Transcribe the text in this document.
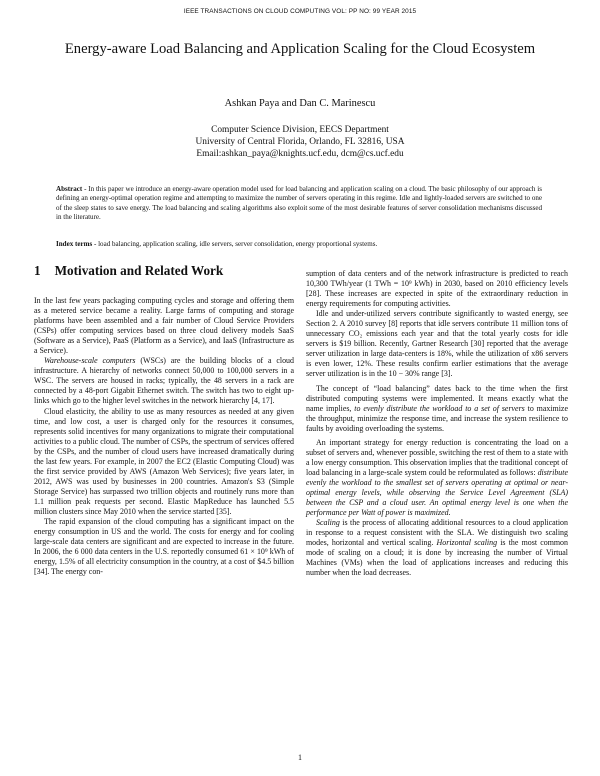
IEEE TRANSACTIONS ON CLOUD COMPUTING VOL: PP NO: 99 YEAR 2015
Energy-aware Load Balancing and Application Scaling for the Cloud Ecosystem
Ashkan Paya and Dan C. Marinescu
Computer Science Division, EECS Department
University of Central Florida, Orlando, FL 32816, USA
Email:ashkan_paya@knights.ucf.edu, dcm@cs.ucf.edu
Abstract - In this paper we introduce an energy-aware operation model used for load balancing and application scaling on a cloud. The basic philosophy of our approach is defining an energy-optimal operation regime and attempting to maximize the number of servers operating in this regime. Idle and lightly-loaded servers are switched to one of the sleep states to save energy. The load balancing and scaling algorithms also exploit some of the most desirable features of server consolidation mechanisms discussed in the literature.
Index terms - load balancing, application scaling, idle servers, server consolidation, energy proportional systems.
1 Motivation and Related Work

In the last few years packaging computing cycles and storage and offering them as a metered service became a reality. Large farms of computing and storage platforms have been assembled and a fair number of Cloud Service Providers (CSPs) offer computing services based on three cloud delivery models SaaS (Software as a Service), PaaS (Platform as a Service), and IaaS (Infrastructure as a Service).

Warehouse-scale computers (WSCs) are the building blocks of a cloud infrastructure. A hierarchy of networks connect 50,000 to 100,000 servers in a WSC. The servers are housed in racks; typically, the 48 servers in a rack are connected by a 48-port Gigabit Ethernet switch. The switch has two to eight up-links which go to the higher level switches in the network hierarchy [4, 17].

Cloud elasticity, the ability to use as many resources as needed at any given time, and low cost, a user is charged only for the resources it consumes, represents solid incentives for many organizations to migrate their computational activities to a public cloud. The number of CSPs, the spectrum of services offered by the CSPs, and the number of cloud users have increased dramatically during the last few years. For example, in 2007 the EC2 (Elastic Computing Cloud) was the first service provided by AWS (Amazon Web Services); five years later, in 2012, AWS was used by businesses in 200 countries. Amazon's S3 (Simple Storage Service) has surpassed two trillion objects and routinely runs more than 1.1 million peak requests per second. Elastic MapReduce has launched 5.5 million clusters since May 2010 when the service started [35].

The rapid expansion of the cloud computing has a significant impact on the energy consumption in US and the world. The costs for energy and for cooling large-scale data centers are significant and are expected to increase in the future. In 2006, the 6 000 data centers in the U.S. reportedly consumed 61 × 10⁹ kWh of energy, 1.5% of all electricity consumption in the country, at a cost of $4.5 billion [34]. The energy con-

sumption of data centers and of the network infrastructure is predicted to reach 10,300 TWh/year (1 TWh = 10⁹ kWh) in 2030, based on 2010 efficiency levels [28]. These increases are expected in spite of the extraordinary reduction in energy requirements for computing activities.

Idle and under-utilized servers contribute significantly to wasted energy, see Section 2. A 2010 survey [8] reports that idle servers contribute 11 million tons of unnecessary CO₂ emissions each year and that the total yearly costs for idle servers is $19 billion. Recently, Gartner Research [30] reported that the average server utilization in large data-centers is 18%, while the utilization of x86 servers is even lower, 12%. These results confirm earlier estimations that the average server utilization is in the 10 − 30% range [3].

The concept of “load balancing” dates back to the time when the first distributed computing systems were implemented. It means exactly what the name implies, to evenly distribute the workload to a set of servers to maximize the throughput, minimize the response time, and increase the system resilience to faults by avoiding overloading the systems.

An important strategy for energy reduction is concentrating the load on a subset of servers and, whenever possible, switching the rest of them to a state with a low energy consumption. This observation implies that the traditional concept of load balancing in a large-scale system could be reformulated as follows: distribute evenly the workload to the smallest set of servers operating at optimal or near-optimal energy levels, while observing the Service Level Agreement (SLA) between the CSP and a cloud user. An optimal energy level is one when the performance per Watt of power is maximized.

Scaling is the process of allocating additional resources to a cloud application in response to a request consistent with the SLA. We distinguish two scaling modes, horizontal and vertical scaling. Horizontal scaling is the most common mode of scaling on a cloud; it is done by increasing the number of Virtual Machines (VMs) when the load of applications increases and reducing this number when the load decreases.

1
